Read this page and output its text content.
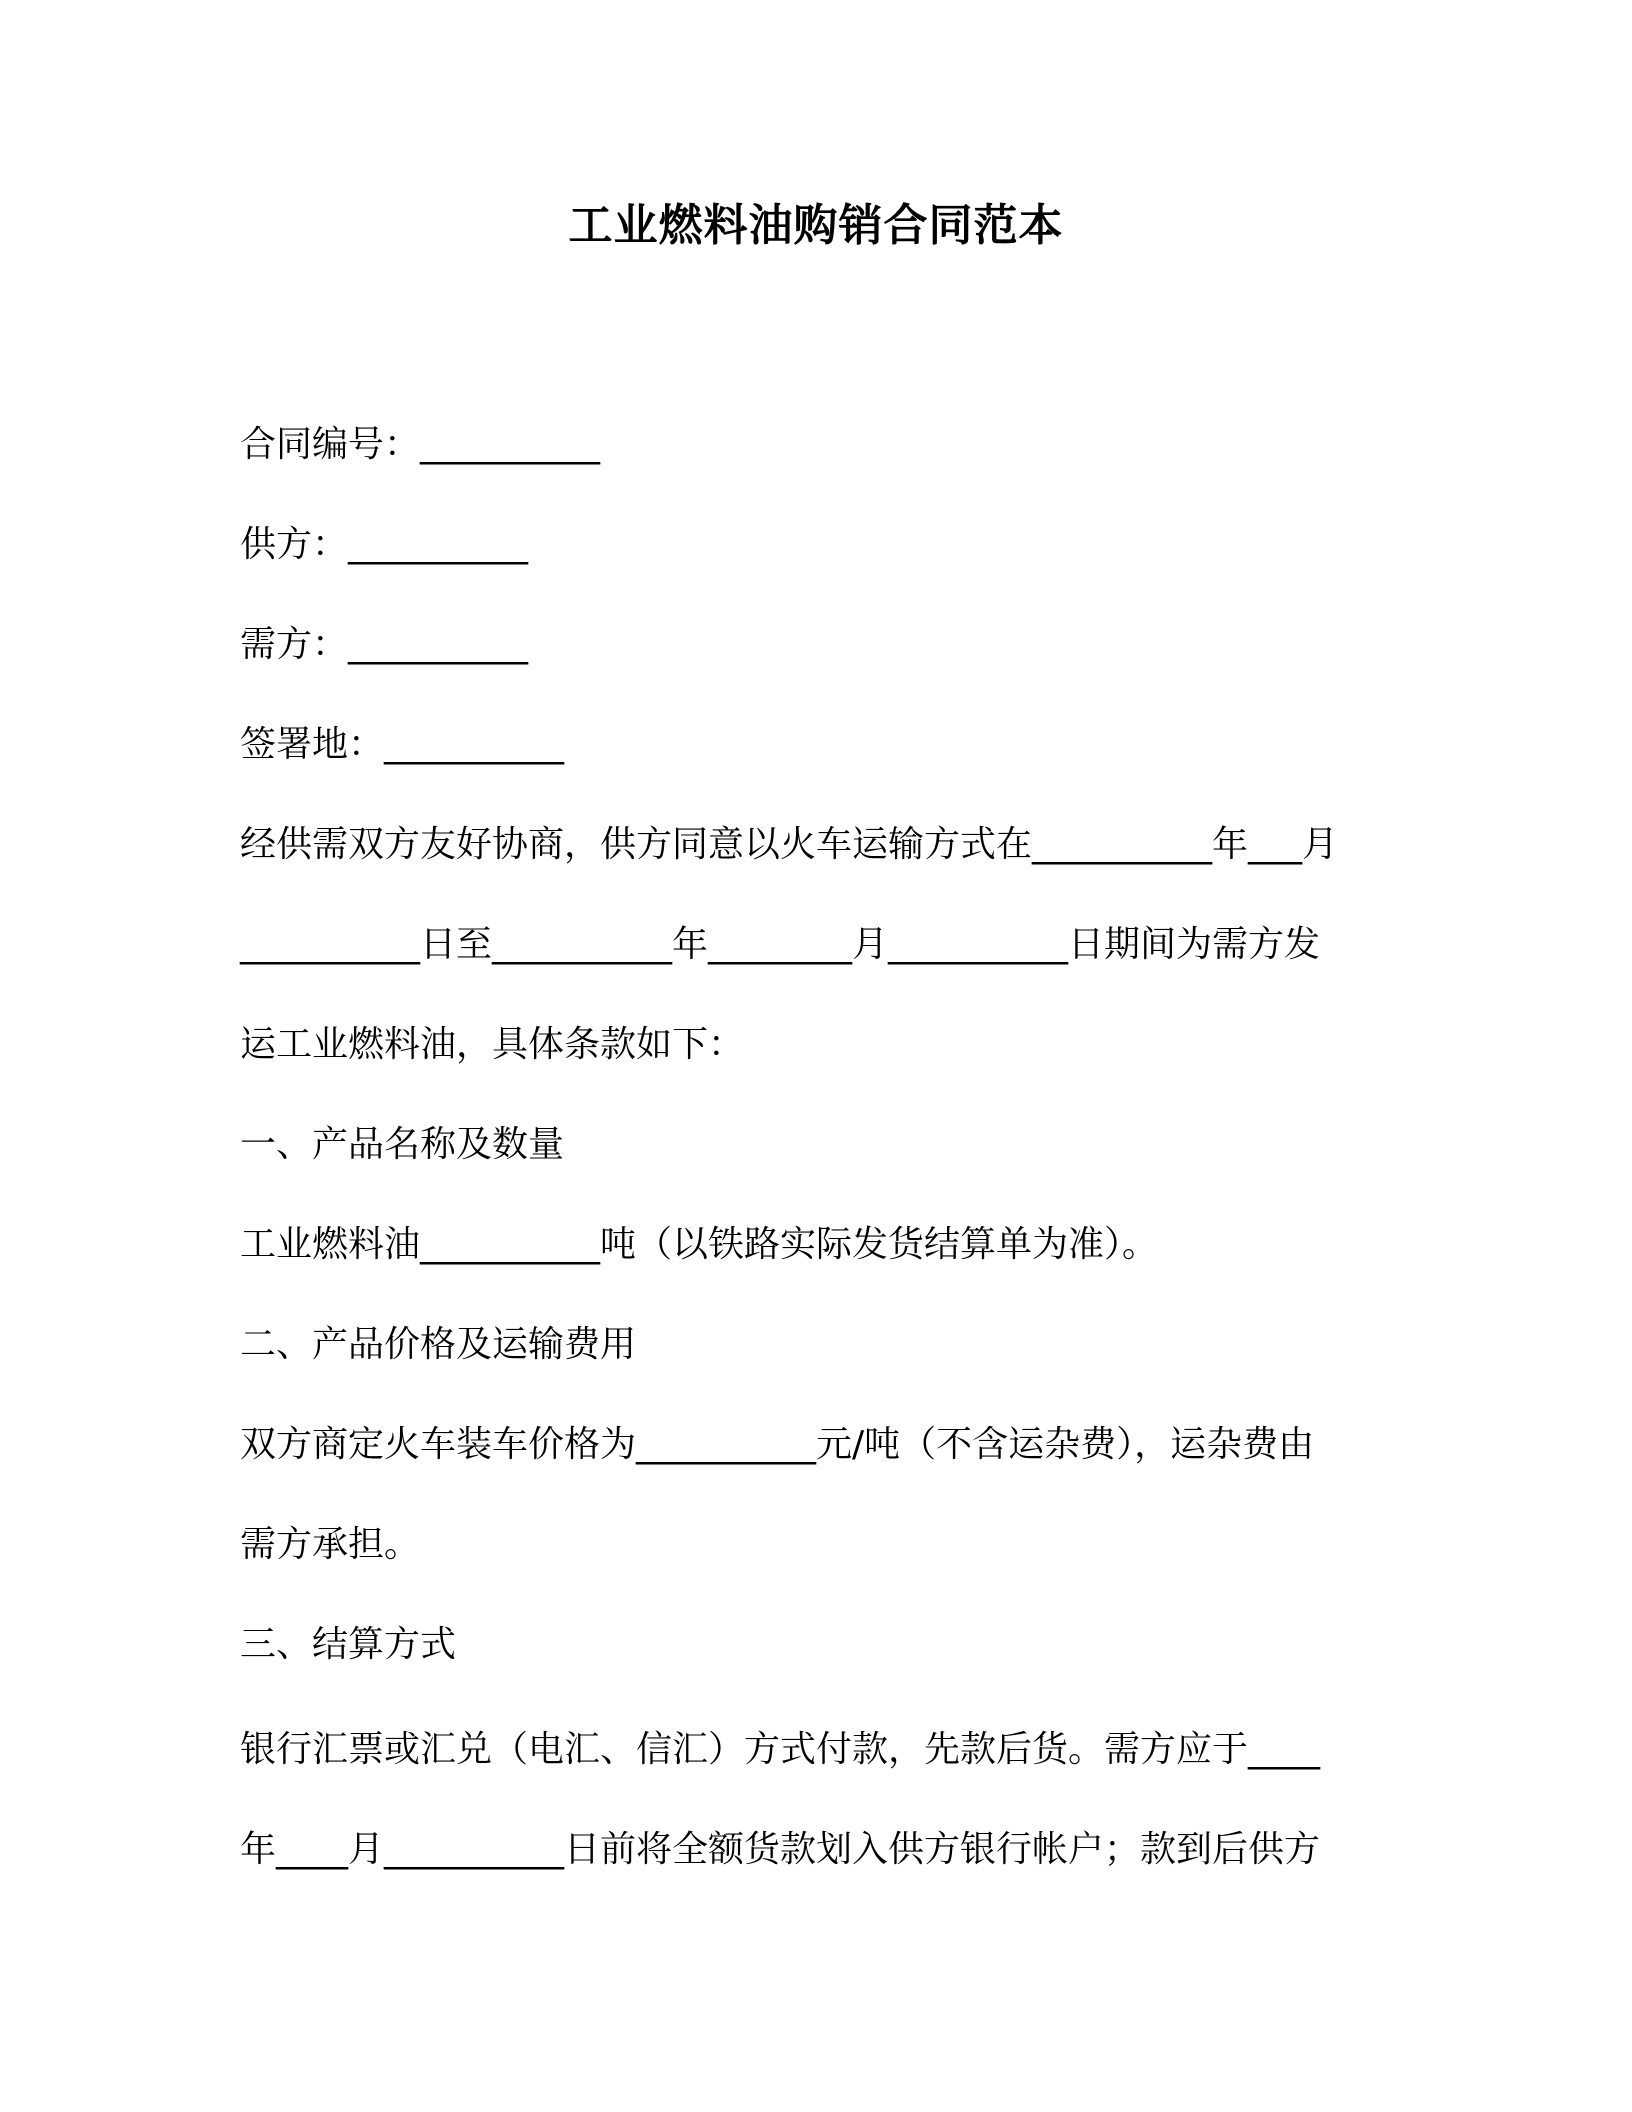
工业燃料油购销合同范本
合同编号：__________
供方：__________
需方：__________
签署地：__________
经供需双方友好协商，供方同意以火车运输方式在__________年___月
__________日至__________年________月__________日期间为需方发
运工业燃料油，具体条款如下：
一、产品名称及数量
工业燃料油__________吨（以铁路实际发货结算单为准）。
二、产品价格及运输费用
双方商定火车装车价格为__________元/吨（不含运杂费），运杂费由
需方承担。
三、结算方式
银行汇票或汇兑（电汇、信汇）方式付款，先款后货。需方应于____
年____月__________日前将全额货款划入供方银行帐户；款到后供方
